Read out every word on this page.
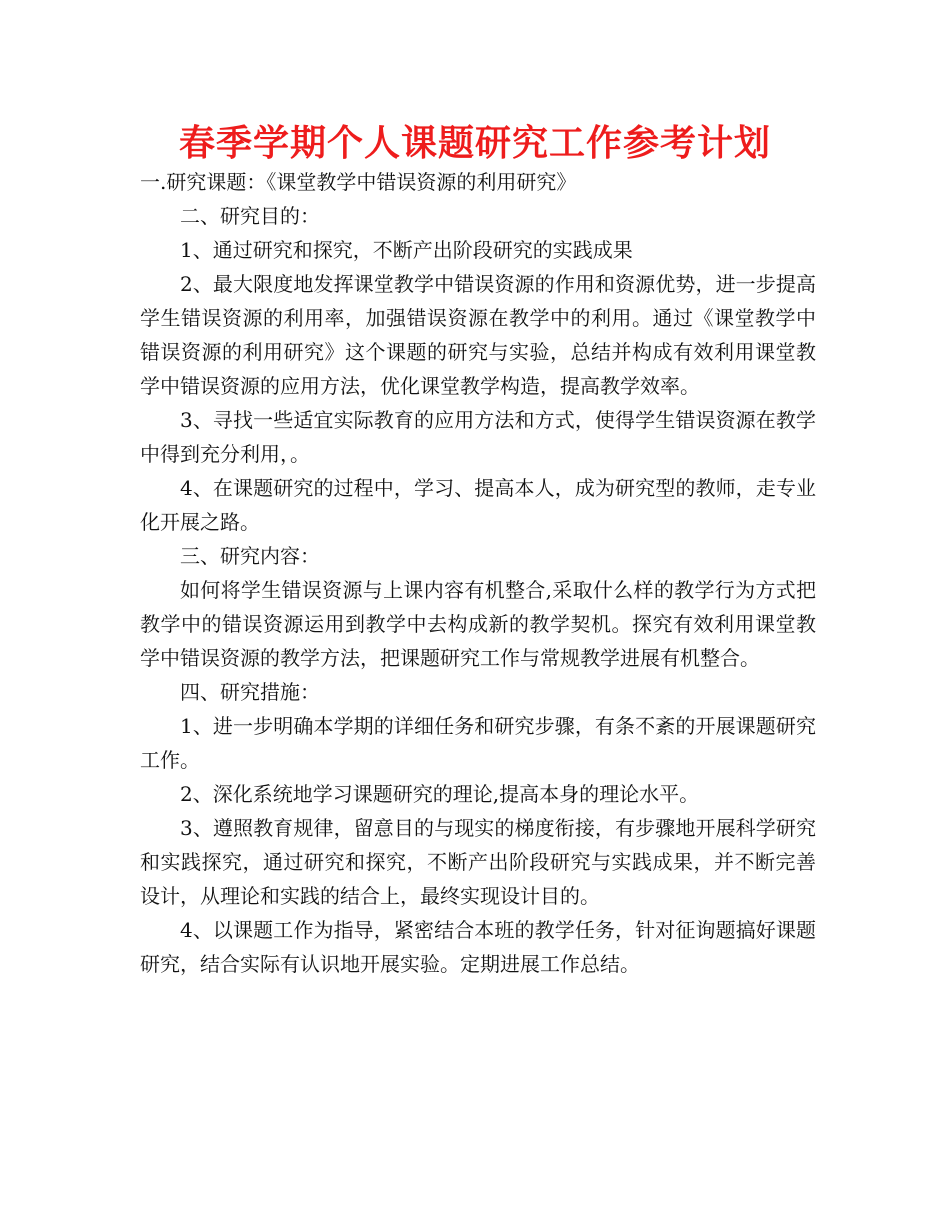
春季学期个人课题研究工作参考计划

一.研究课题：《课堂教学中错误资源的利用研究》

二、研究目的：

1、通过研究和探究，不断产出阶段研究的实践成果

2、最大限度地发挥课堂教学中错误资源的作用和资源优势，进一步提高学生错误资源的利用率，加强错误资源在教学中的利用。通过《课堂教学中错误资源的利用研究》这个课题的研究与实验，总结并构成有效利用课堂教学中错误资源的应用方法，优化课堂教学构造，提高教学效率。

3、寻找一些适宜实际教育的应用方法和方式，使得学生错误资源在教学中得到充分利用，。

4、在课题研究的过程中，学习、提高本人，成为研究型的教师，走专业化开展之路。

三、研究内容：

如何将学生错误资源与上课内容有机整合,采取什么样的教学行为方式把教学中的错误资源运用到教学中去构成新的教学契机。探究有效利用课堂教学中错误资源的教学方法，把课题研究工作与常规教学进展有机整合。

四、研究措施：

1、进一步明确本学期的详细任务和研究步骤，有条不紊的开展课题研究工作。

2、深化系统地学习课题研究的理论,提高本身的理论水平。

3、遵照教育规律，留意目的与现实的梯度衔接，有步骤地开展科学研究和实践探究，通过研究和探究，不断产出阶段研究与实践成果，并不断完善设计，从理论和实践的结合上，最终实现设计目的。

4、以课题工作为指导，紧密结合本班的教学任务，针对征询题搞好课题研究，结合实际有认识地开展实验。定期进展工作总结。
